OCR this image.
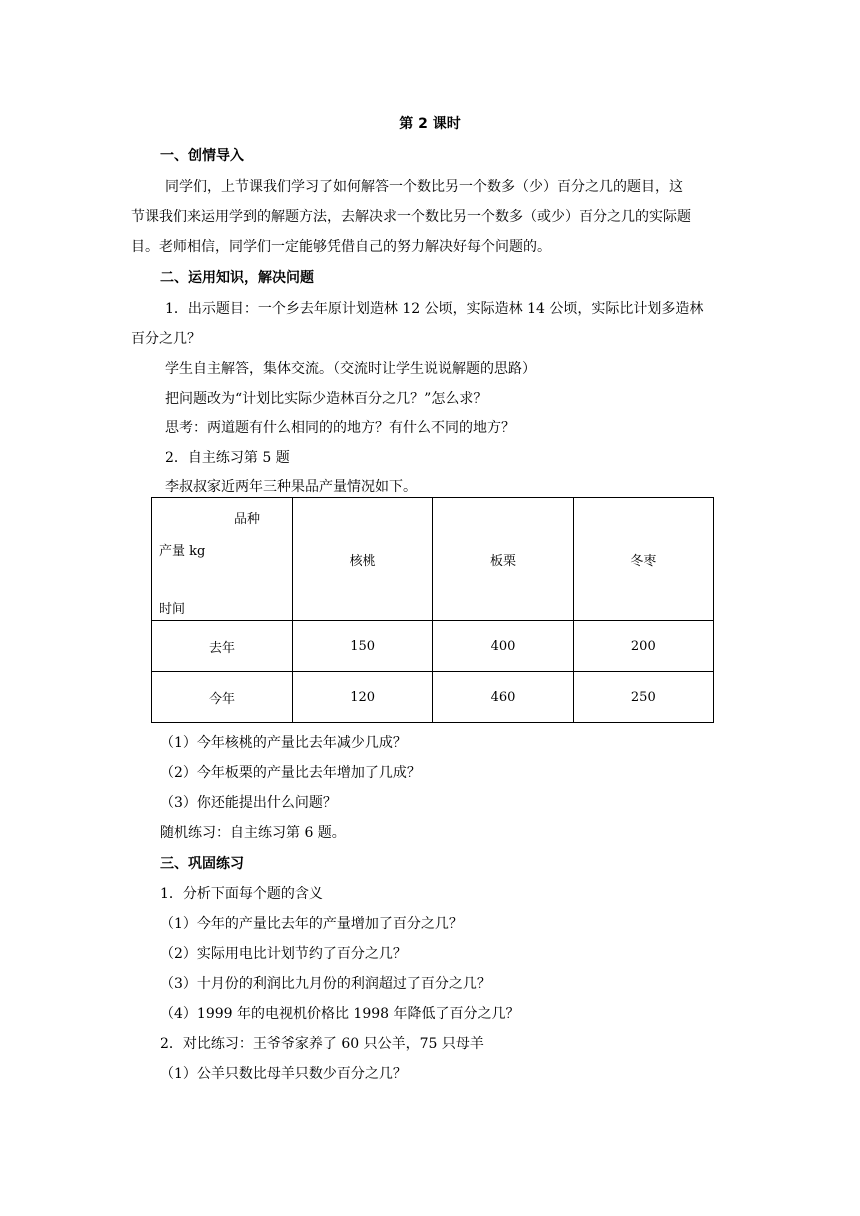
第 2 课时
一、创情导入
同学们，上节课我们学习了如何解答一个数比另一个数多（少）百分之几的题目，这
节课我们来运用学到的解题方法，去解决求一个数比另一个数多（或少）百分之几的实际题
目。老师相信，同学们一定能够凭借自己的努力解决好每个问题的。
二、运用知识，解决问题
1．出示题目：一个乡去年原计划造林 12 公顷，实际造林 14 公顷，实际比计划多造林
百分之几？
学生自主解答，集体交流。（交流时让学生说说解题的思路）
把问题改为“计划比实际少造林百分之几？”怎么求？
思考：两道题有什么相同的的地方？有什么不同的地方？
2．自主练习第 5 题
李叔叔家近两年三种果品产量情况如下。
品种
产量 kg
时间	核桃	板栗	冬枣
去年	150	400	200
今年	120	460	250
（1）今年核桃的产量比去年减少几成？
（2）今年板栗的产量比去年增加了几成？
（3）你还能提出什么问题？
随机练习：自主练习第 6 题。
三、巩固练习
1．分析下面每个题的含义
（1）今年的产量比去年的产量增加了百分之几？
（2）实际用电比计划节约了百分之几？
（3）十月份的利润比九月份的利润超过了百分之几？
（4）1999 年的电视机价格比 1998 年降低了百分之几？
2．对比练习：王爷爷家养了 60 只公羊，75 只母羊
（1）公羊只数比母羊只数少百分之几？
